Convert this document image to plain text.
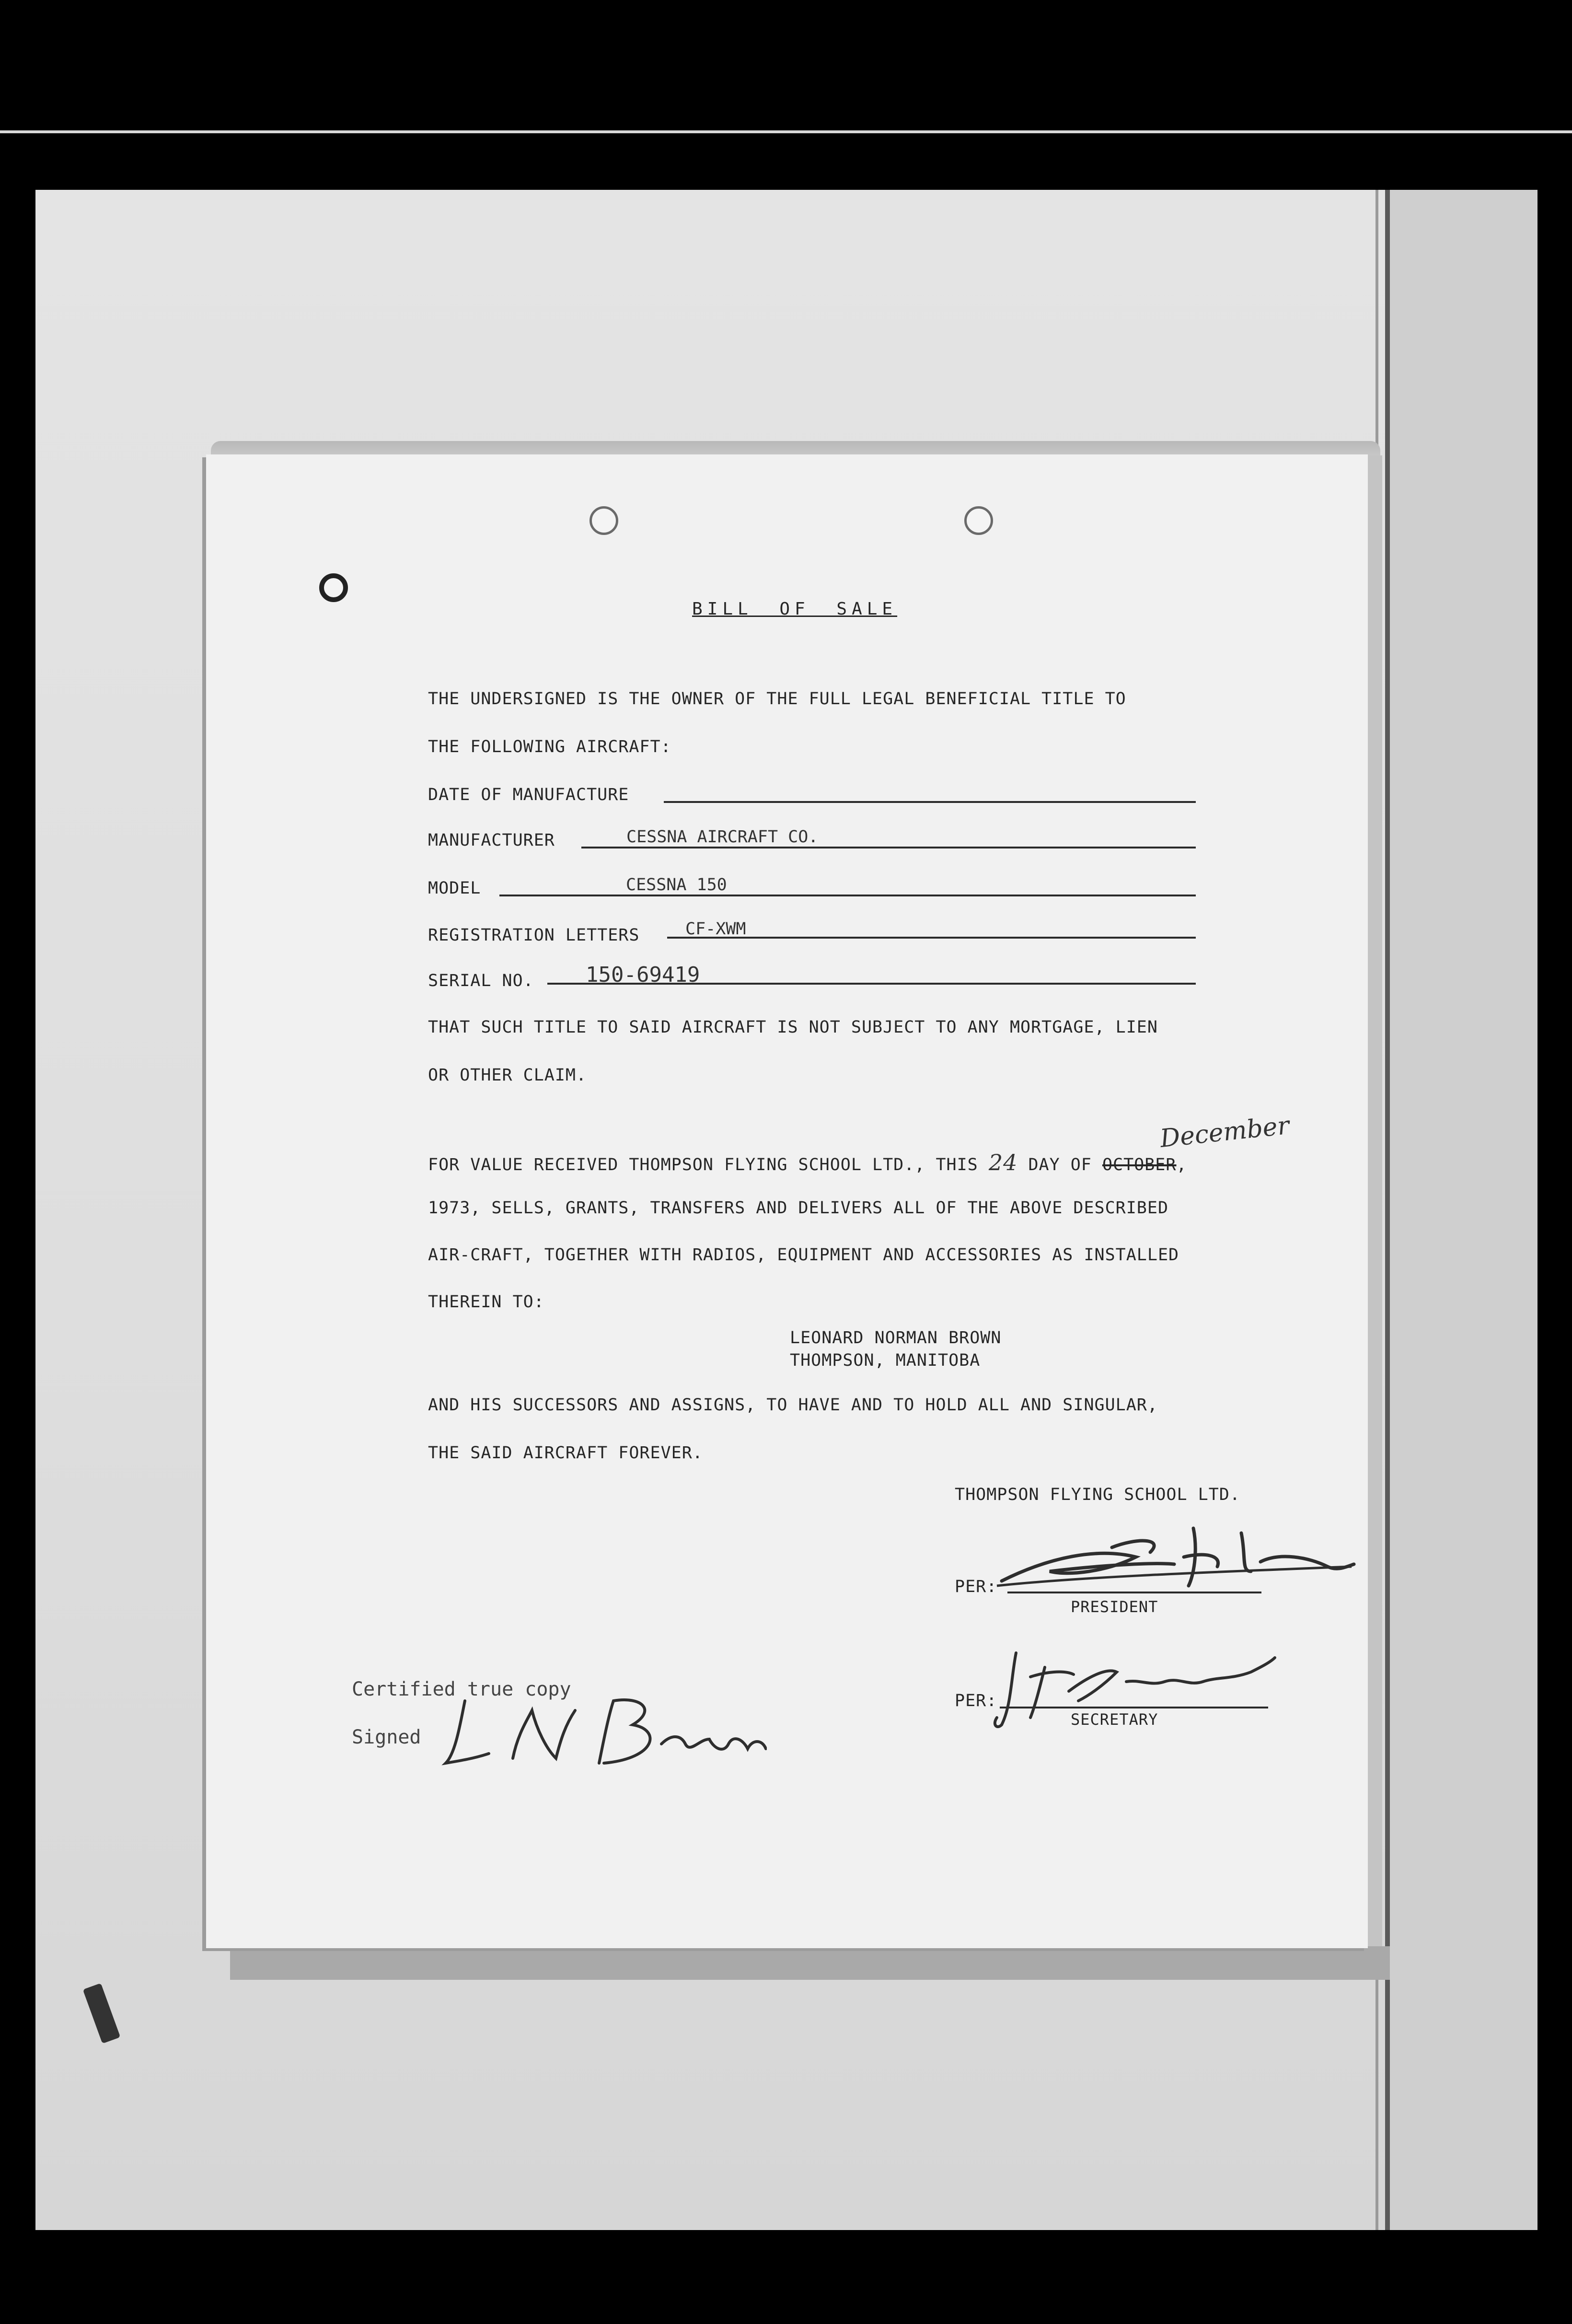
BILL OF SALE
THE UNDERSIGNED IS THE OWNER OF THE FULL LEGAL BENEFICIAL TITLE TO
THE FOLLOWING AIRCRAFT:
DATE OF MANUFACTURE
MANUFACTURER	CESSNA AIRCRAFT CO.
MODEL	CESSNA 150
REGISTRATION LETTERS	CF-XWM
SERIAL NO. 150-69419
THAT SUCH TITLE TO SAID AIRCRAFT IS NOT SUBJECT TO ANY MORTGAGE, LIEN
OR OTHER CLAIM.
FOR VALUE RECEIVED THOMPSON FLYING SCHOOL LTD., THIS 24 DAY OF OCTOBER,
December
1973, SELLS, GRANTS, TRANSFERS AND DELIVERS ALL OF THE ABOVE DESCRIBED
AIR-CRAFT, TOGETHER WITH RADIOS, EQUIPMENT AND ACCESSORIES AS INSTALLED
THEREIN TO:
LEONARD NORMAN BROWN
THOMPSON, MANITOBA
AND HIS SUCCESSORS AND ASSIGNS, TO HAVE AND TO HOLD ALL AND SINGULAR,
THE SAID AIRCRAFT FOREVER.
THOMPSON FLYING SCHOOL LTD.
PER:
PRESIDENT
PER:
SECRETARY
Certified true copy
Signed
